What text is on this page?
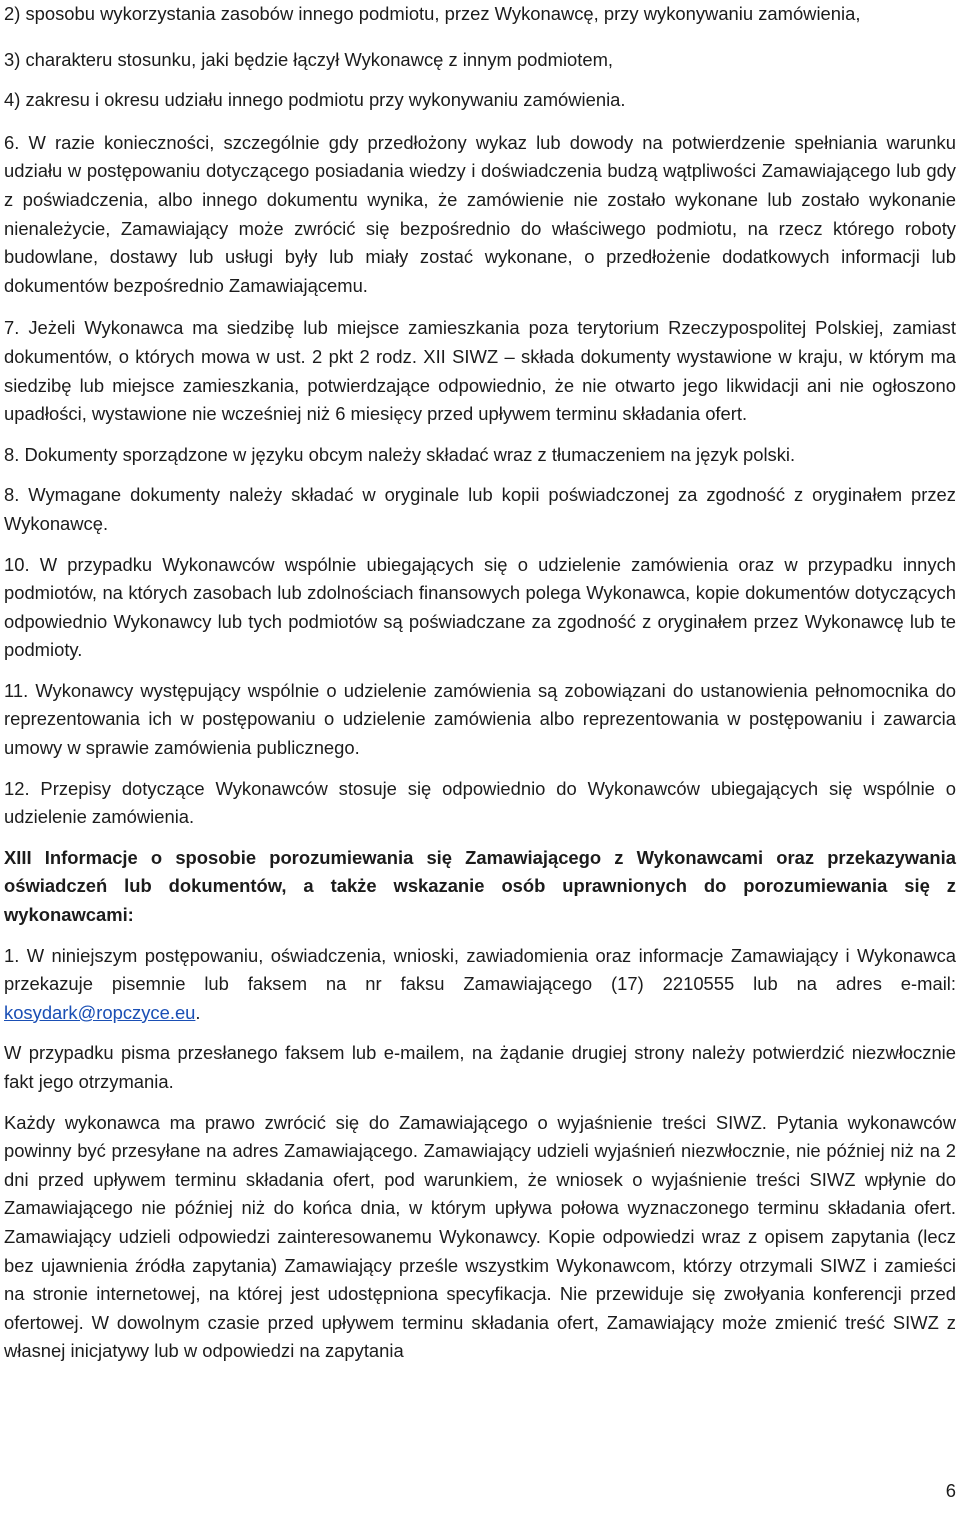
2) sposobu wykorzystania zasobów innego podmiotu, przez Wykonawcę, przy wykonywaniu zamówienia,

3) charakteru stosunku, jaki będzie łączył Wykonawcę z innym podmiotem,

4) zakresu i okresu udziału innego podmiotu przy wykonywaniu zamówienia.

6. W razie konieczności, szczególnie gdy przedłożony wykaz lub dowody na potwierdzenie spełniania warunku udziału w postępowaniu dotyczącego posiadania wiedzy i doświadczenia budzą wątpliwości Zamawiającego lub gdy z poświadczenia, albo innego dokumentu wynika, że zamówienie nie zostało wykonane lub zostało wykonanie nienależycie, Zamawiający może zwrócić się bezpośrednio do właściwego podmiotu, na rzecz którego roboty budowlane, dostawy lub usługi były lub miały zostać wykonane, o przedłożenie dodatkowych informacji lub dokumentów bezpośrednio Zamawiającemu.

7. Jeżeli Wykonawca ma siedzibę lub miejsce zamieszkania poza terytorium Rzeczypospolitej Polskiej, zamiast dokumentów, o których mowa w ust. 2 pkt 2 rodz. XII SIWZ – składa dokumenty wystawione w kraju, w którym ma siedzibę lub miejsce zamieszkania, potwierdzające odpowiednio, że nie otwarto jego likwidacji ani nie ogłoszono upadłości, wystawione nie wcześniej niż 6 miesięcy przed upływem terminu składania ofert.

8. Dokumenty sporządzone w języku obcym należy składać wraz z tłumaczeniem na język polski.

8. Wymagane dokumenty należy składać w oryginale lub kopii poświadczonej za zgodność z oryginałem przez Wykonawcę.

10. W przypadku Wykonawców wspólnie ubiegających się o udzielenie zamówienia oraz w przypadku innych podmiotów, na których zasobach lub zdolnościach finansowych polega Wykonawca, kopie dokumentów dotyczących odpowiednio Wykonawcy lub tych podmiotów są poświadczane za zgodność z oryginałem przez Wykonawcę lub te podmioty.

11. Wykonawcy występujący wspólnie o udzielenie zamówienia są zobowiązani do ustanowienia pełnomocnika do reprezentowania ich w postępowaniu o udzielenie zamówienia albo reprezentowania w postępowaniu i zawarcia umowy w sprawie zamówienia publicznego.

12. Przepisy dotyczące Wykonawców stosuje się odpowiednio do Wykonawców ubiegających się wspólnie o udzielenie zamówienia.

XIII Informacje o sposobie porozumiewania się Zamawiającego z Wykonawcami oraz przekazywania oświadczeń lub dokumentów, a także wskazanie osób uprawnionych do porozumiewania się z wykonawcami:

1. W niniejszym postępowaniu, oświadczenia, wnioski, zawiadomienia oraz informacje Zamawiający i Wykonawca przekazuje pisemnie lub faksem na nr faksu Zamawiającego (17) 2210555 lub na adres e-mail: kosydark@ropczyce.eu.

W przypadku pisma przesłanego faksem lub e-mailem, na żądanie drugiej strony należy potwierdzić niezwłocznie fakt jego otrzymania.

Każdy wykonawca ma prawo zwrócić się do Zamawiającego o wyjaśnienie treści SIWZ. Pytania wykonawców powinny być przesyłane na adres Zamawiającego. Zamawiający udzieli wyjaśnień niezwłocznie, nie później niż na 2 dni przed upływem terminu składania ofert, pod warunkiem, że wniosek o wyjaśnienie treści SIWZ wpłynie do Zamawiającego nie później niż do końca dnia, w którym upływa połowa wyznaczonego terminu składania ofert. Zamawiający udzieli odpowiedzi zainteresowanemu Wykonawcy. Kopie odpowiedzi wraz z opisem zapytania (lecz bez ujawnienia źródła zapytania) Zamawiający prześle wszystkim Wykonawcom, którzy otrzymali SIWZ i zamieści na stronie internetowej, na której jest udostępniona specyfikacja. Nie przewiduje się zwołyania konferencji przed ofertowej. W dowolnym czasie przed upływem terminu składania ofert, Zamawiający może zmienić treść SIWZ z własnej inicjatywy lub w odpowiedzi na zapytania

6
